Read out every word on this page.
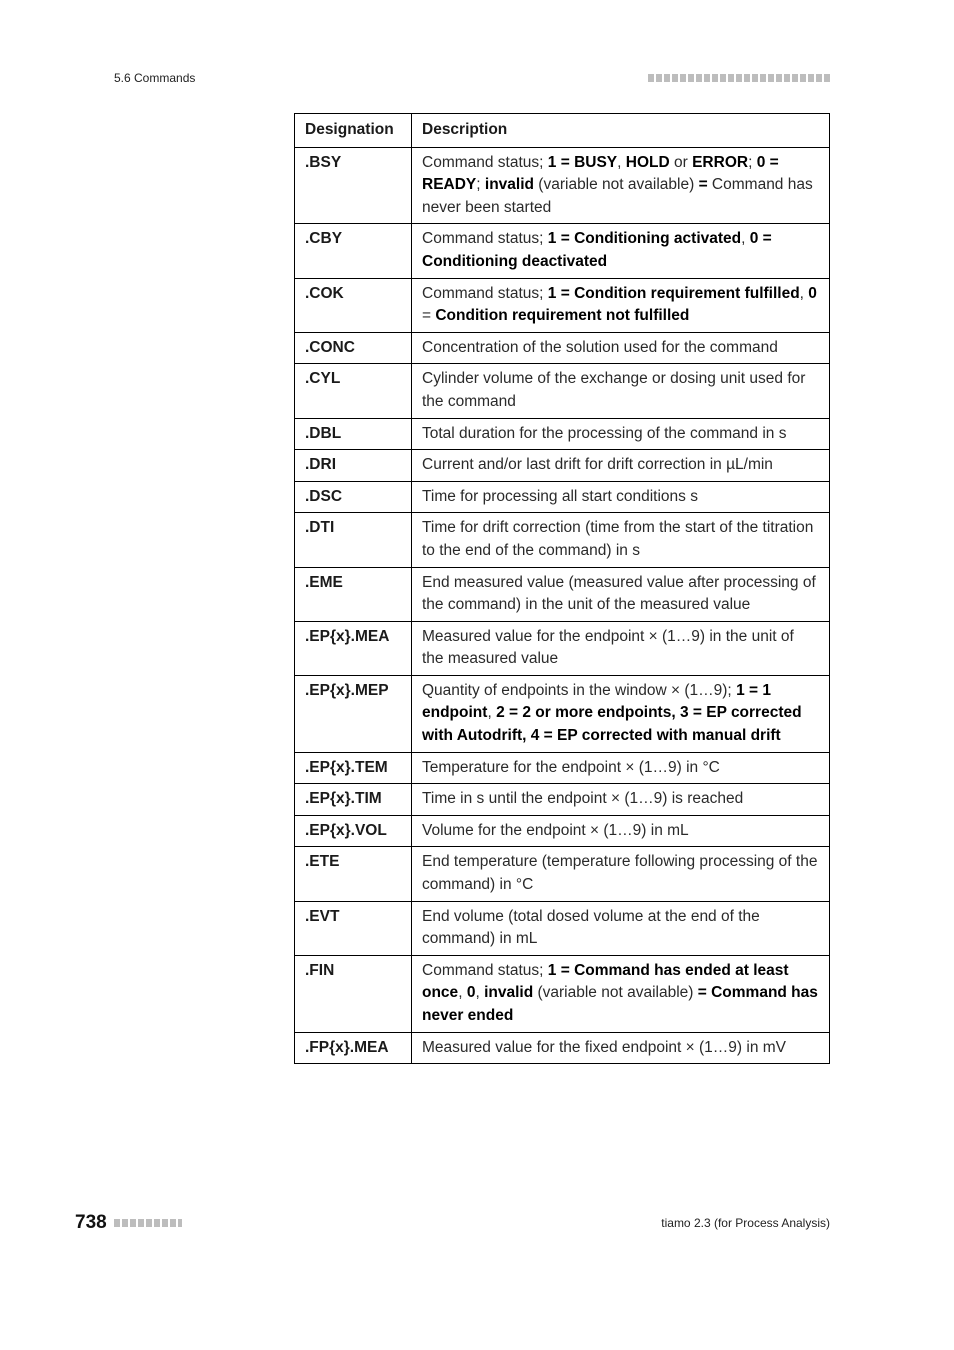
5.6 Commands
Designation	Description
.BSY	Command status; 1 = BUSY, HOLD or ERROR; 0 = READY; invalid (variable not available) = Command has never been started
.CBY	Command status; 1 = Conditioning activated, 0 = Conditioning deactivated
.COK	Command status; 1 = Condition requirement fulfilled, 0 = Condition requirement not fulfilled
.CONC	Concentration of the solution used for the command
.CYL	Cylinder volume of the exchange or dosing unit used for the command
.DBL	Total duration for the processing of the command in s
.DRI	Current and/or last drift for drift correction in µL/min
.DSC	Time for processing all start conditions s
.DTI	Time for drift correction (time from the start of the titration to the end of the command) in s
.EME	End measured value (measured value after processing of the command) in the unit of the measured value
.EP{x}.MEA	Measured value for the endpoint × (1…9) in the unit of the measured value
.EP{x}.MEP	Quantity of endpoints in the window × (1…9); 1 = 1 endpoint, 2 = 2 or more endpoints, 3 = EP corrected with Autodrift, 4 = EP corrected with manual drift
.EP{x}.TEM	Temperature for the endpoint × (1…9) in °C
.EP{x}.TIM	Time in s until the endpoint × (1…9) is reached
.EP{x}.VOL	Volume for the endpoint × (1…9) in mL
.ETE	End temperature (temperature following processing of the command) in °C
.EVT	End volume (total dosed volume at the end of the command) in mL
.FIN	Command status; 1 = Command has ended at least once, 0, invalid (variable not available) = Command has never ended
.FP{x}.MEA	Measured value for the fixed endpoint × (1…9) in mV
738	tiamo 2.3 (for Process Analysis)
